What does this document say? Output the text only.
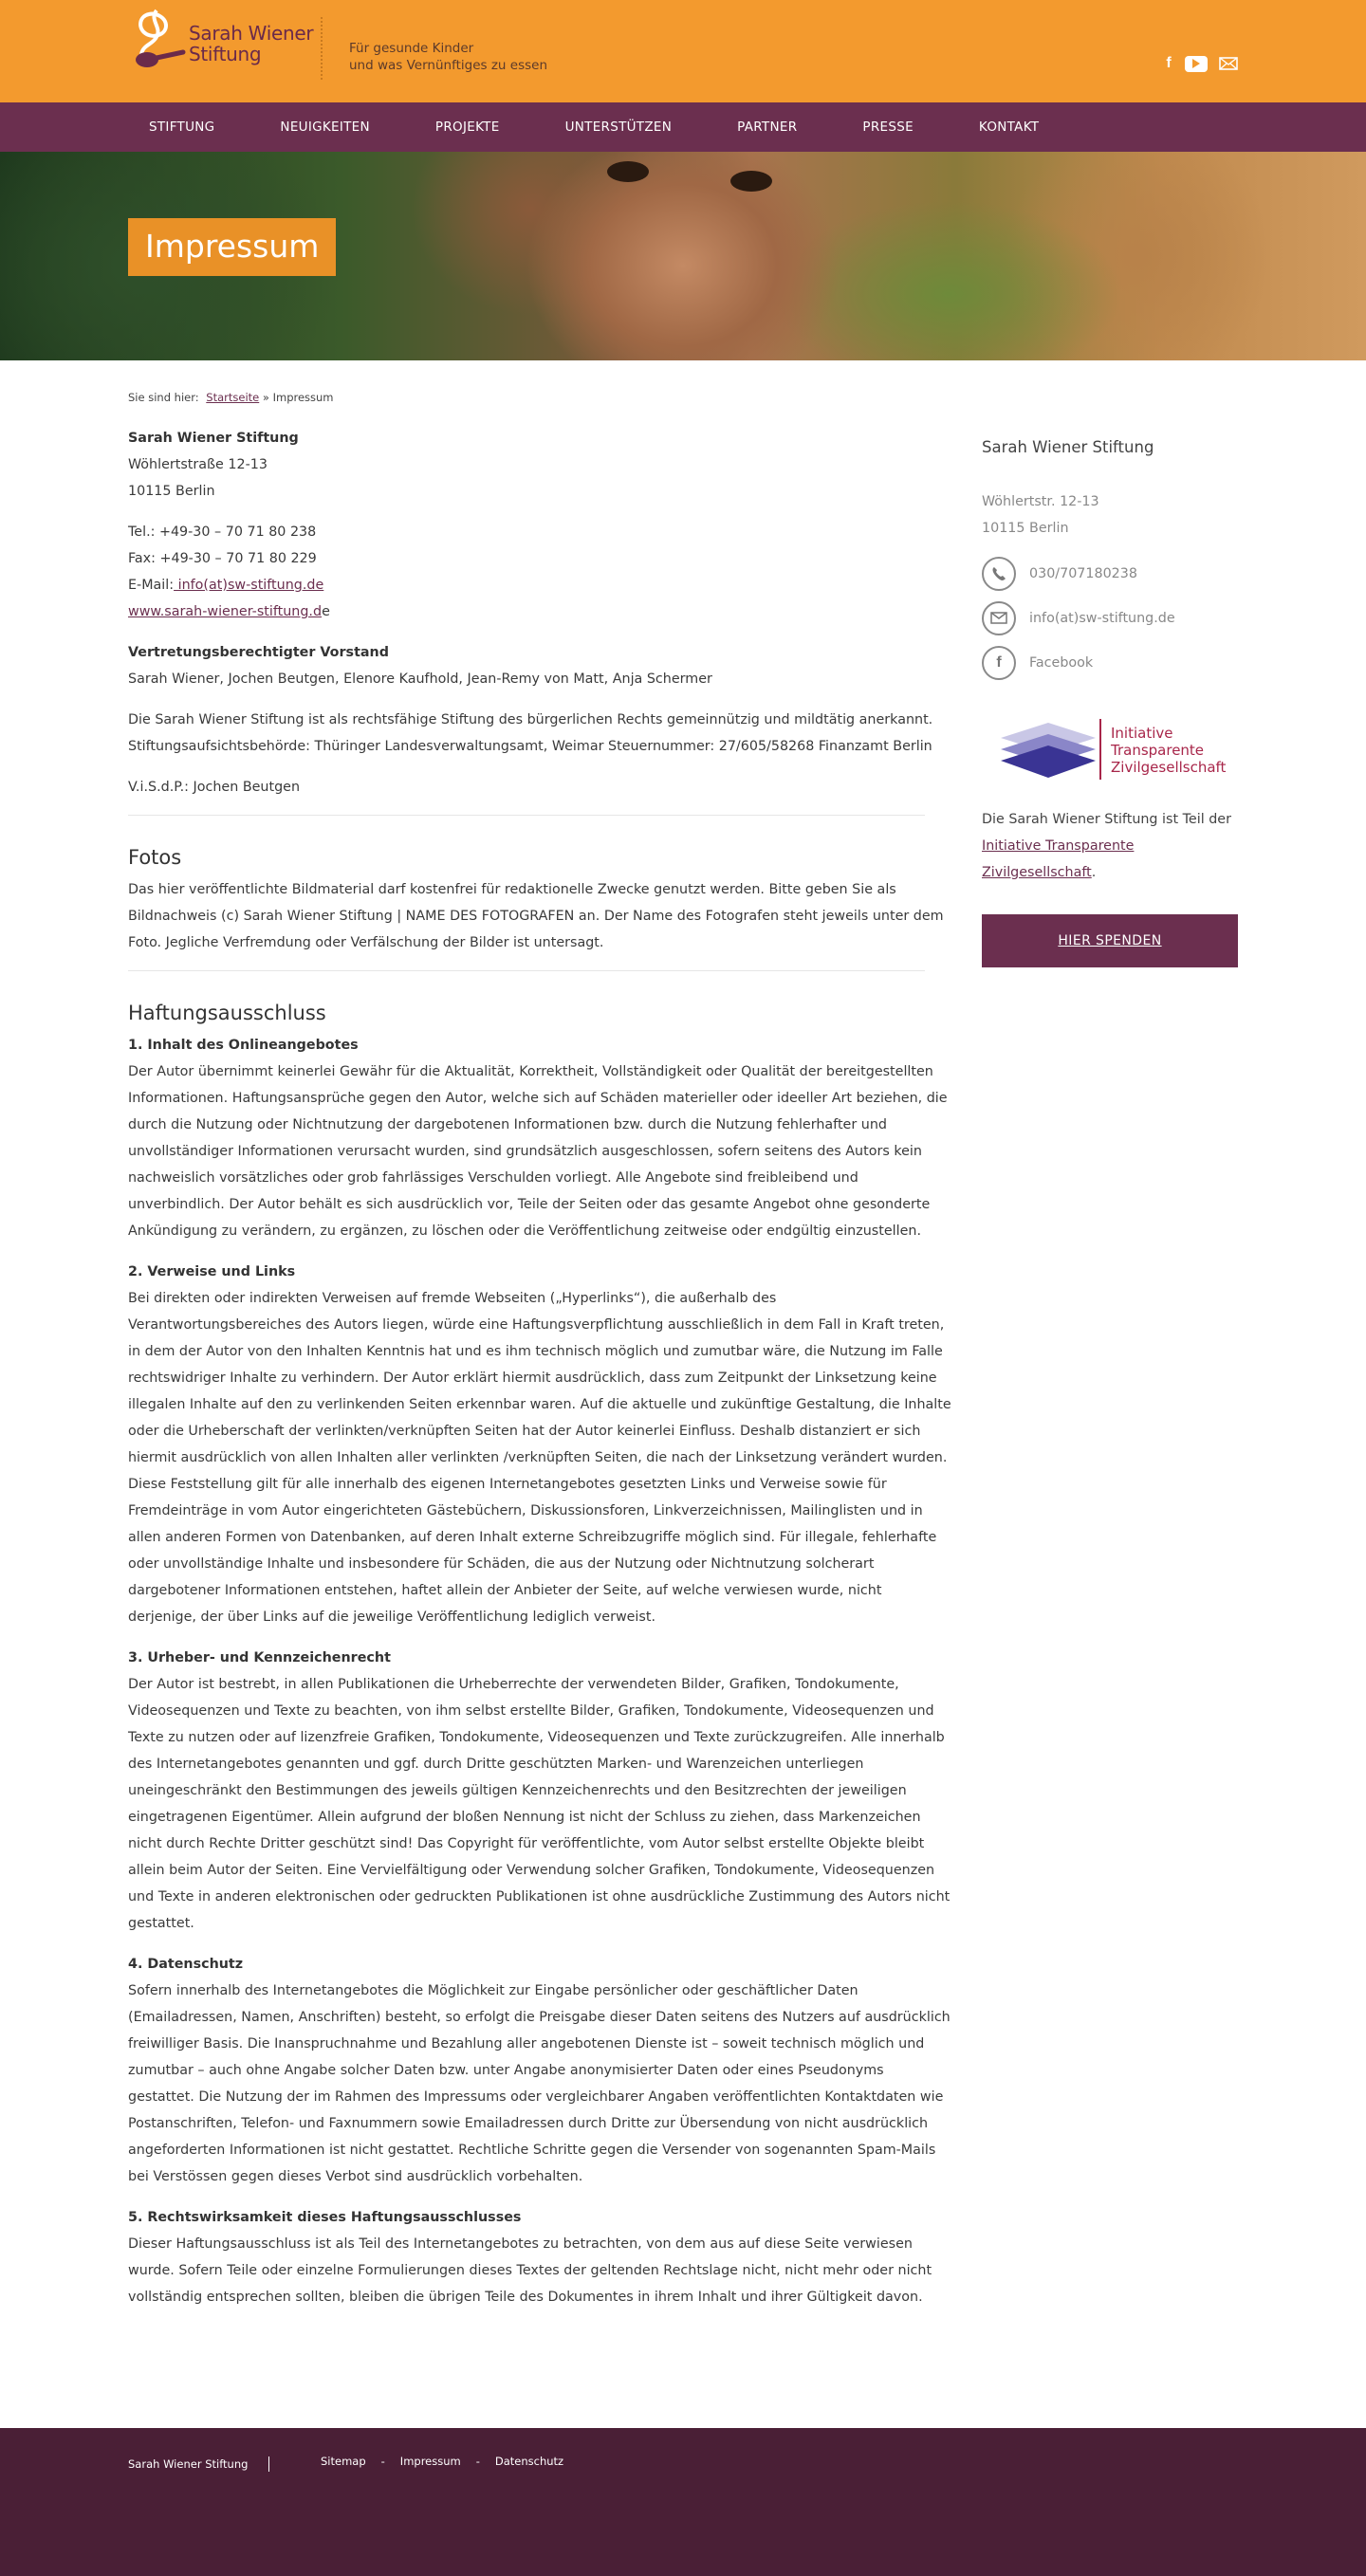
Sarah Wiener
Stiftung	Für gesunde Kinder
und was Vernünftiges zu essen	f
STIFTUNG	NEUIGKEITEN	PROJEKTE	UNTERSTÜTZEN	PARTNER	PRESSE	KONTAKT
Impressum
Sie sind hier: Startseite » Impressum

Sarah Wiener Stiftung
Wöhlertstraße 12-13
10115 Berlin

Tel.: +49-30 – 70 71 80 238
Fax: +49-30 – 70 71 80 229
E-Mail: info(at)sw-stiftung.de
www.sarah-wiener-stiftung.de

Vertretungsberechtigter Vorstand
Sarah Wiener, Jochen Beutgen, Elenore Kaufhold, Jean-Remy von Matt, Anja Schermer

Die Sarah Wiener Stiftung ist als rechtsfähige Stiftung des bürgerlichen Rechts gemeinnützig und mildtätig anerkannt.
Stiftungsaufsichtsbehörde: Thüringer Landesverwaltungsamt, Weimar Steuernummer: 27/605/58268 Finanzamt Berlin

V.i.S.d.P.: Jochen Beutgen

Fotos

Das hier veröffentlichte Bildmaterial darf kostenfrei für redaktionelle Zwecke genutzt werden. Bitte geben Sie als Bildnachweis (c) Sarah Wiener Stiftung | NAME DES FOTOGRAFEN an. Der Name des Fotografen steht jeweils unter dem Foto. Jegliche Verfremdung oder Verfälschung der Bilder ist untersagt.

Haftungsausschluss
1. Inhalt des Onlineangebotes

Der Autor übernimmt keinerlei Gewähr für die Aktualität, Korrektheit, Vollständigkeit oder Qualität der bereitgestellten Informationen. Haftungsansprüche gegen den Autor, welche sich auf Schäden materieller oder ideeller Art beziehen, die durch die Nutzung oder Nichtnutzung der dargebotenen Informationen bzw. durch die Nutzung fehlerhafter und unvollständiger Informationen verursacht wurden, sind grundsätzlich ausgeschlossen, sofern seitens des Autors kein nachweislich vorsätzliches oder grob fahrlässiges Verschulden vorliegt. Alle Angebote sind freibleibend und unverbindlich. Der Autor behält es sich ausdrücklich vor, Teile der Seiten oder das gesamte Angebot ohne gesonderte Ankündigung zu verändern, zu ergänzen, zu löschen oder die Veröffentlichung zeitweise oder endgültig einzustellen.

2. Verweise und Links

Bei direkten oder indirekten Verweisen auf fremde Webseiten („Hyperlinks“), die außerhalb des Verantwortungsbereiches des Autors liegen, würde eine Haftungsverpflichtung ausschließlich in dem Fall in Kraft treten, in dem der Autor von den Inhalten Kenntnis hat und es ihm technisch möglich und zumutbar wäre, die Nutzung im Falle rechtswidriger Inhalte zu verhindern. Der Autor erklärt hiermit ausdrücklich, dass zum Zeitpunkt der Linksetzung keine illegalen Inhalte auf den zu verlinkenden Seiten erkennbar waren. Auf die aktuelle und zukünftige Gestaltung, die Inhalte oder die Urheberschaft der verlinkten/verknüpften Seiten hat der Autor keinerlei Einfluss. Deshalb distanziert er sich hiermit ausdrücklich von allen Inhalten aller verlinkten /verknüpften Seiten, die nach der Linksetzung verändert wurden. Diese Feststellung gilt für alle innerhalb des eigenen Internetangebotes gesetzten Links und Verweise sowie für Fremdeinträge in vom Autor eingerichteten Gästebüchern, Diskussionsforen, Linkverzeichnissen, Mailinglisten und in allen anderen Formen von Datenbanken, auf deren Inhalt externe Schreibzugriffe möglich sind. Für illegale, fehlerhafte oder unvollständige Inhalte und insbesondere für Schäden, die aus der Nutzung oder Nichtnutzung solcherart dargebotener Informationen entstehen, haftet allein der Anbieter der Seite, auf welche verwiesen wurde, nicht derjenige, der über Links auf die jeweilige Veröffentlichung lediglich verweist.

3. Urheber- und Kennzeichenrecht

Der Autor ist bestrebt, in allen Publikationen die Urheberrechte der verwendeten Bilder, Grafiken, Tondokumente, Videosequenzen und Texte zu beachten, von ihm selbst erstellte Bilder, Grafiken, Tondokumente, Videosequenzen und Texte zu nutzen oder auf lizenzfreie Grafiken, Tondokumente, Videosequenzen und Texte zurückzugreifen. Alle innerhalb des Internetangebotes genannten und ggf. durch Dritte geschützten Marken- und Warenzeichen unterliegen uneingeschränkt den Bestimmungen des jeweils gültigen Kennzeichenrechts und den Besitzrechten der jeweiligen eingetragenen Eigentümer. Allein aufgrund der bloßen Nennung ist nicht der Schluss zu ziehen, dass Markenzeichen nicht durch Rechte Dritter geschützt sind! Das Copyright für veröffentlichte, vom Autor selbst erstellte Objekte bleibt allein beim Autor der Seiten. Eine Vervielfältigung oder Verwendung solcher Grafiken, Tondokumente, Videosequenzen und Texte in anderen elektronischen oder gedruckten Publikationen ist ohne ausdrückliche Zustimmung des Autors nicht gestattet.

4. Datenschutz

Sofern innerhalb des Internetangebotes die Möglichkeit zur Eingabe persönlicher oder geschäftlicher Daten (Emailadressen, Namen, Anschriften) besteht, so erfolgt die Preisgabe dieser Daten seitens des Nutzers auf ausdrücklich freiwilliger Basis. Die Inanspruchnahme und Bezahlung aller angebotenen Dienste ist – soweit technisch möglich und zumutbar – auch ohne Angabe solcher Daten bzw. unter Angabe anonymisierter Daten oder eines Pseudonyms gestattet. Die Nutzung der im Rahmen des Impressums oder vergleichbarer Angaben veröffentlichten Kontaktdaten wie Postanschriften, Telefon- und Faxnummern sowie Emailadressen durch Dritte zur Übersendung von nicht ausdrücklich angeforderten Informationen ist nicht gestattet. Rechtliche Schritte gegen die Versender von sogenannten Spam-Mails bei Verstössen gegen dieses Verbot sind ausdrücklich vorbehalten.

5. Rechtswirksamkeit dieses Haftungsausschlusses

Dieser Haftungsausschluss ist als Teil des Internetangebotes zu betrachten, von dem aus auf diese Seite verwiesen wurde. Sofern Teile oder einzelne Formulierungen dieses Textes der geltenden Rechtslage nicht, nicht mehr oder nicht vollständig entsprechen sollten, bleiben die übrigen Teile des Dokumentes in ihrem Inhalt und ihrer Gültigkeit davon.

Sarah Wiener Stiftung
Wöhlertstr. 12-13
10115 Berlin
030/707180238
info(at)sw-stiftung.de
f	Facebook
Initiative
Transparente
Zivilgesellschaft
Die Sarah Wiener Stiftung ist Teil der Initiative Transparente Zivilgesellschaft.
HIER SPENDEN
Sarah Wiener Stiftung	Sitemap - Impressum - Datenschutz
